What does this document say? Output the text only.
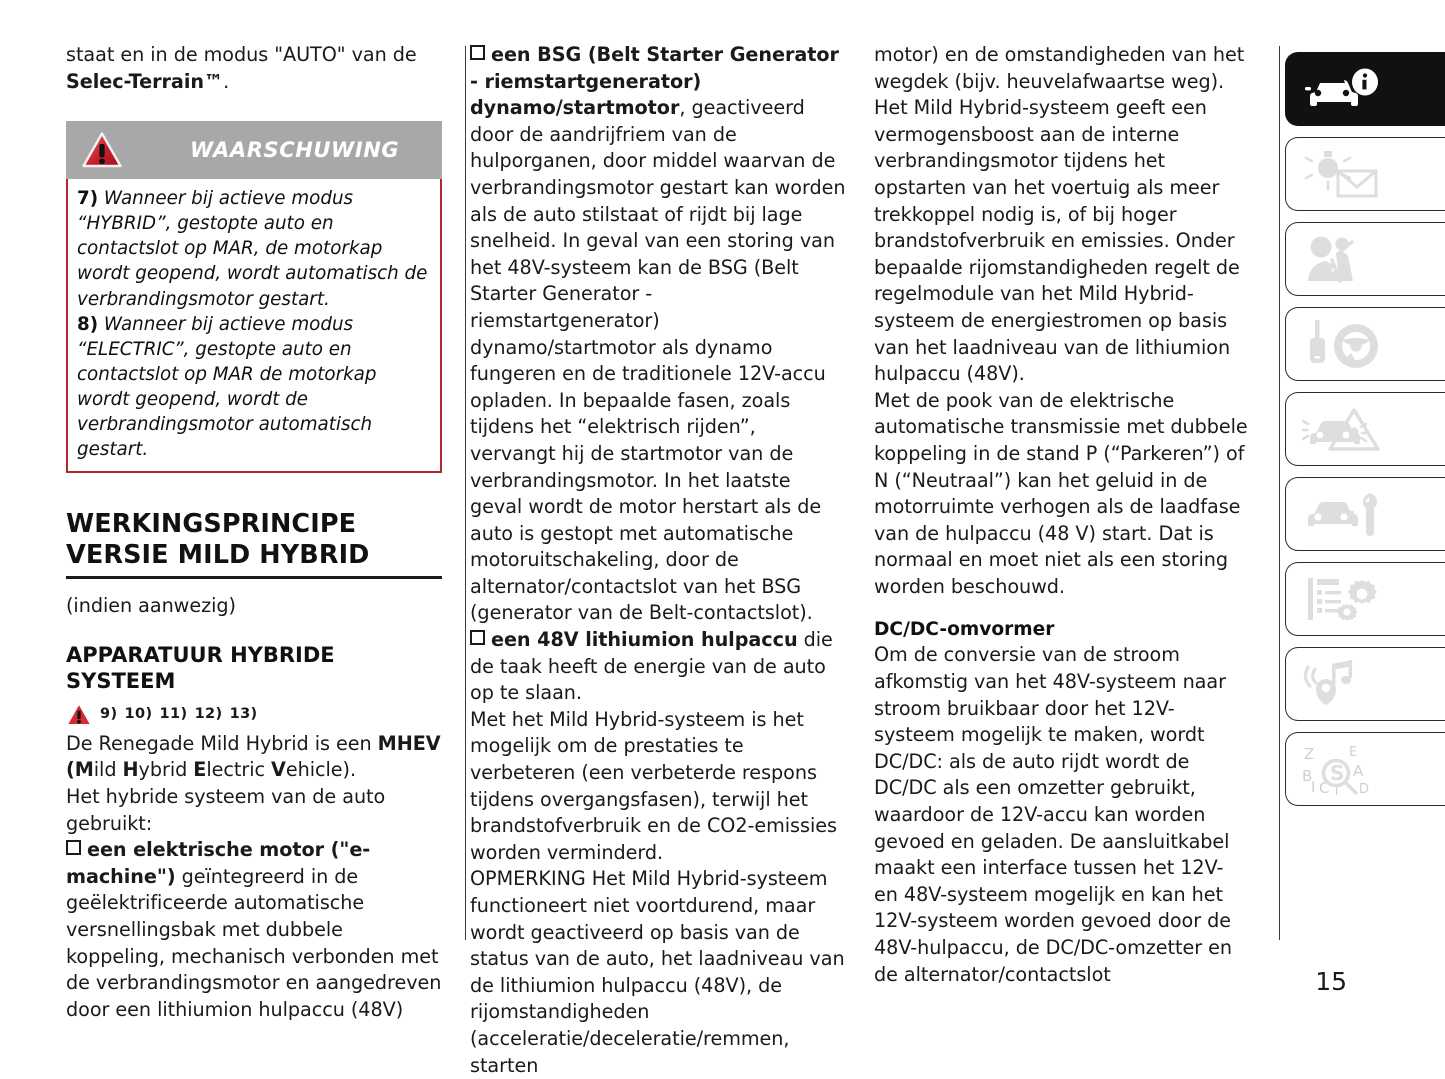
staat en in de modus "AUTO" van de Selec-Terrain™.

WAARSCHUWING

7) Wanneer bij actieve modus “HYBRID”, gestopte auto en contactslot op MAR, de motorkap wordt geopend, wordt automatisch de verbrandingsmotor gestart.

8) Wanneer bij actieve modus “ELECTRIC”, gestopte auto en contactslot op MAR de motorkap wordt geopend, wordt de verbrandingsmotor automatisch gestart.

WERKINGSPRINCIPE
VERSIE MILD HYBRID

(indien aanwezig)

APPARATUUR HYBRIDE
SYSTEEM
9) 10) 11) 12) 13)

De Renegade Mild Hybrid is een MHEV
(Mild Hybrid Electric Vehicle).

Het hybride systeem van de auto gebruikt:

een elektrische motor ("e-machine") geïntegreerd in de geëlektrificeerde automatische versnellingsbak met dubbele koppeling, mechanisch verbonden met de verbrandingsmotor en aangedreven door een lithiumion hulpaccu (48V)

een BSG (Belt Starter Generator - riemstartgenerator) dynamo/startmotor, geactiveerd door de aandrijfriem van de hulporganen, door middel waarvan de verbrandingsmotor gestart kan worden als de auto stilstaat of rijdt bij lage snelheid. In geval van een storing van het 48V-systeem kan de BSG (Belt Starter Generator - riemstartgenerator) dynamo/startmotor als dynamo fungeren en de traditionele 12V-accu opladen. In bepaalde fasen, zoals tijdens het “elektrisch rijden”, vervangt hij de startmotor van de verbrandingsmotor. In het laatste geval wordt de motor herstart als de auto is gestopt met automatische motoruitschakeling, door de alternator/contactslot van het BSG (generator van de Belt-contactslot).

een 48V lithiumion hulpaccu die de taak heeft de energie van de auto op te slaan.

Met het Mild Hybrid-systeem is het mogelijk om de prestaties te verbeteren (een verbeterde respons tijdens overgangsfasen), terwijl het brandstofverbruik en de CO2-emissies worden verminderd.

OPMERKING Het Mild Hybrid-systeem functioneert niet voortdurend, maar wordt geactiveerd op basis van de status van de auto, het laadniveau van de lithiumion hulpaccu (48V), de rijomstandigheden (acceleratie/deceleratie/remmen, starten

motor) en de omstandigheden van het wegdek (bijv. heuvelafwaartse weg).

Het Mild Hybrid-systeem geeft een vermogensboost aan de interne verbrandingsmotor tijdens het opstarten van het voertuig als meer trekkoppel nodig is, of bij hoger brandstofverbruik en emissies. Onder bepaalde rijomstandigheden regelt de regelmodule van het Mild Hybrid-systeem de energiestromen op basis van het laadniveau van de lithiumion hulpaccu (48V).

Met de pook van de elektrische automatische transmissie met dubbele koppeling in de stand P (“Parkeren”) of N (“Neutraal”) kan het geluid in de motorruimte verhogen als de laadfase van de hulpaccu (48 V) start. Dat is normaal en moet niet als een storing worden beschouwd.

DC/DC-omvormer

Om de conversie van de stroom afkomstig van het 48V-systeem naar stroom bruikbaar door het 12V-systeem mogelijk te maken, wordt DC/DC: als de auto rijdt wordt de DC/DC als een omzetter gebruikt, waardoor de 12V-accu kan worden gevoed en geladen. De aansluitkabel maakt een interface tussen het 12V- en 48V-systeem mogelijk en kan het 12V-systeem worden gevoed door de 48V-hulpaccu, de DC/DC-omzetter en de alternator/contactslot

Z
B
I C T
E
A
D
S
15
